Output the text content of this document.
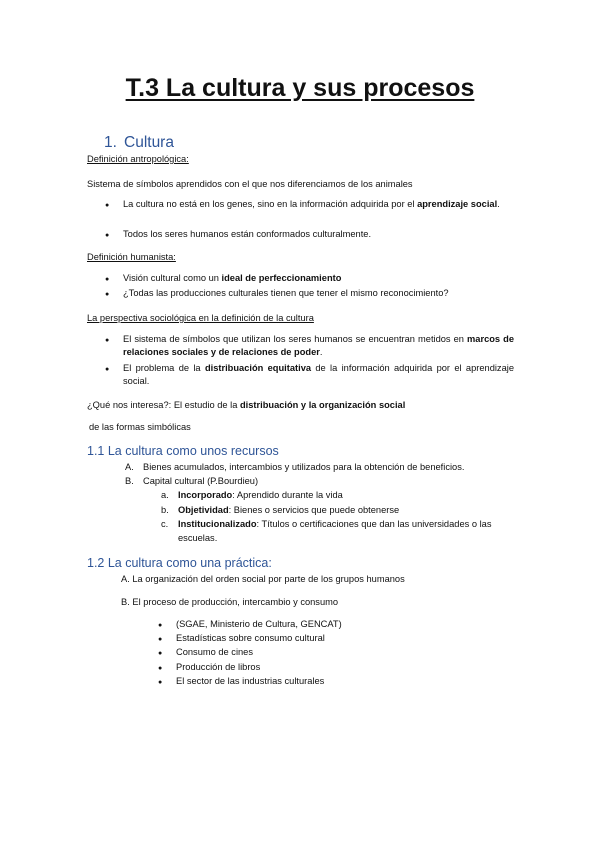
T.3 La cultura y sus procesos
1. Cultura
Definición antropológica:
Sistema de símbolos aprendidos con el que nos diferenciamos de los animales
● La cultura no está en los genes, sino en la información adquirida por el aprendizaje social.
● Todos los seres humanos están conformados culturalmente.
Definición humanista:
● Visión cultural como un ideal de perfeccionamiento
● ¿Todas las producciones culturales tienen que tener el mismo reconocimiento?
La perspectiva sociológica en la definición de la cultura
● El sistema de símbolos que utilizan los seres humanos se encuentran metidos en marcos de relaciones sociales y de relaciones de poder.
● El problema de la distribuación equitativa de la información adquirida por el aprendizaje social.
¿Qué nos interesa?: El estudio de la distribuación y la organización social
de las formas simbólicas
1.1 La cultura como unos recursos
A. Bienes acumulados, intercambios y utilizados para la obtención de beneficios.
B. Capital cultural (P.Bourdieu)
a. Incorporado: Aprendido durante la vida
b. Objetividad: Bienes o servicios que puede obtenerse
c. Institucionalizado: Títulos o certificaciones que dan las universidades o las
escuelas.
1.2 La cultura como una práctica:
A. La organización del orden social por parte de los grupos humanos
B. El proceso de producción, intercambio y consumo
● (SGAE, Ministerio de Cultura, GENCAT)
● Estadísticas sobre consumo cultural
● Consumo de cines
● Producción de libros
● El sector de las industrias culturales
